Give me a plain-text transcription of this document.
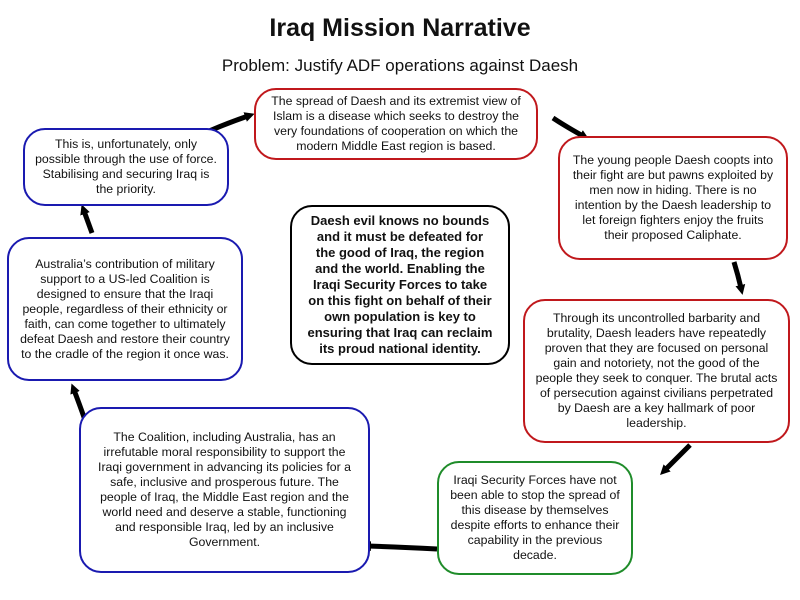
Iraq Mission Narrative
Problem: Justify ADF operations against Daesh
The spread of Daesh and its extremist view of Islam is a disease which seeks to destroy the very foundations of cooperation on which the modern Middle East region is based.
This is, unfortunately, only possible through the use of force. Stabilising and securing Iraq is the priority.
The young people Daesh coopts into their fight are but pawns exploited by men now in hiding. There is no intention by the Daesh leadership to let foreign fighters enjoy the fruits their proposed Caliphate.
Daesh evil knows no bounds and it must be defeated for the good of Iraq, the region and the world. Enabling the Iraqi Security Forces to take on this fight on behalf of their own population is key to ensuring that Iraq can reclaim its proud national identity.
Australia’s contribution of military support to a US-led Coalition is designed to ensure that the Iraqi people, regardless of their ethnicity or faith, can come together to ultimately defeat Daesh and restore their country to the cradle of the region it once was.
Through its uncontrolled barbarity and brutality, Daesh leaders have repeatedly proven that they are focused on personal gain and notoriety, not the good of the people they seek to conquer. The brutal acts of persecution against civilians perpetrated by Daesh are a key hallmark of poor leadership.
The Coalition, including Australia, has an irrefutable moral responsibility to support the Iraqi government in advancing its policies for a safe, inclusive and prosperous future. The people of Iraq, the Middle East region and the world need and deserve a stable, functioning and responsible Iraq, led by an inclusive Government.
Iraqi Security Forces have not been able to stop the spread of this disease by themselves despite efforts to enhance their capability in the previous decade.
